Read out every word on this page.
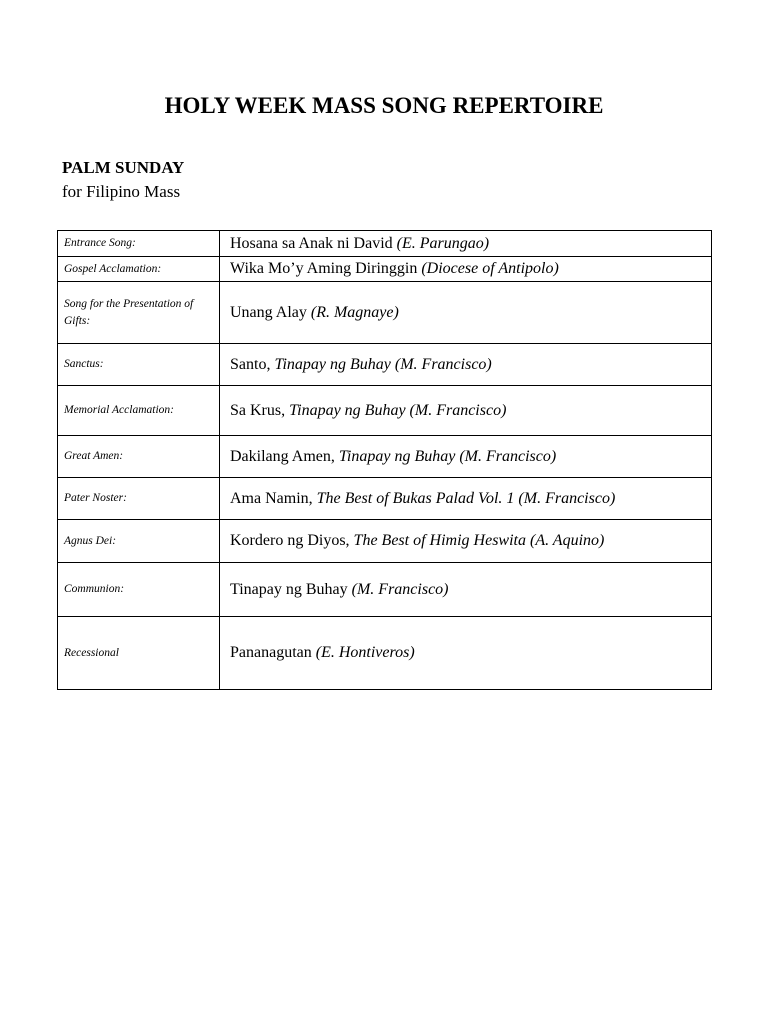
HOLY WEEK MASS SONG REPERTOIRE
PALM SUNDAY
for Filipino Mass
Entrance Song:	Hosana sa Anak ni David (E. Parungao)
Gospel Acclamation:	Wika Mo’y Aming Diringgin (Diocese of Antipolo)
Song for the Presentation of Gifts:	Unang Alay (R. Magnaye)
Sanctus:	Santo, Tinapay ng Buhay (M. Francisco)
Memorial Acclamation:	Sa Krus, Tinapay ng Buhay (M. Francisco)
Great Amen:	Dakilang Amen, Tinapay ng Buhay (M. Francisco)
Pater Noster:	Ama Namin, The Best of Bukas Palad Vol. 1 (M. Francisco)
Agnus Dei:	Kordero ng Diyos, The Best of Himig Heswita (A. Aquino)
Communion:	Tinapay ng Buhay (M. Francisco)
Recessional	Pananagutan (E. Hontiveros)
